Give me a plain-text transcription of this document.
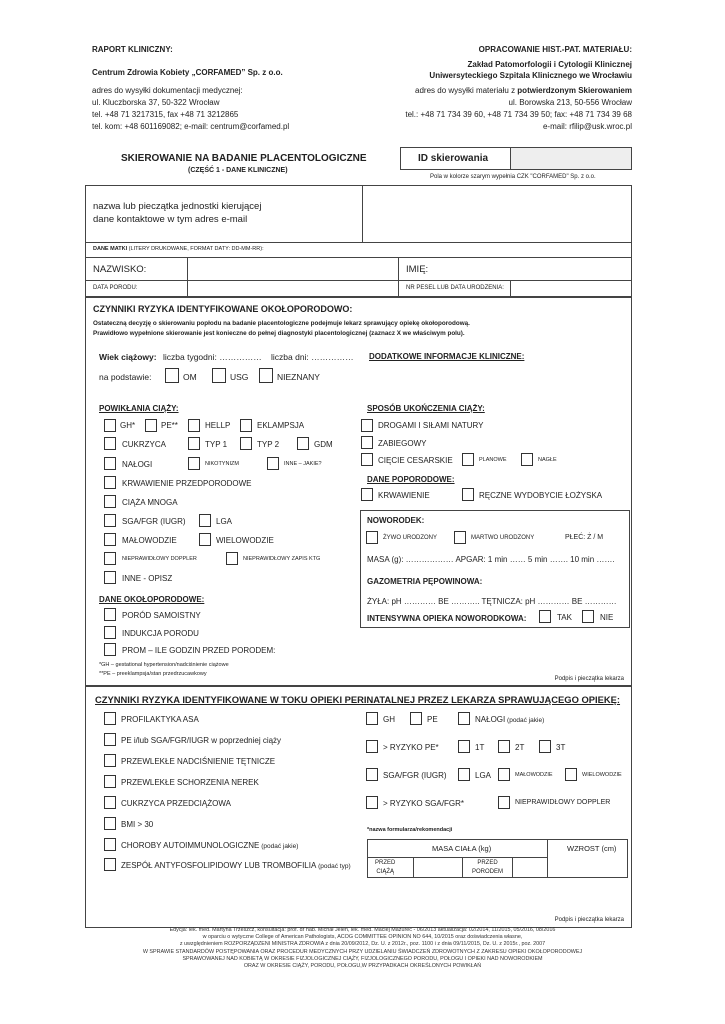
RAPORT KLINICZNY:
Centrum Zdrowia Kobiety „CORFAMED” Sp. z o.o.
adres do wysyłki dokumentacji medycznej:
ul. Kluczborska 37, 50-322 Wrocław
tel. +48 71 3217315, fax +48 71 3212865
tel. kom: +48 601169082; e-mail: centrum@corfamed.pl
OPRACOWANIE HIST.-PAT. MATERIAŁU:
Zakład Patomorfologii i Cytologii Klinicznej
Uniwersyteckiego Szpitala Klinicznego we Wrocławiu
adres do wysyłki materiału z potwierdzonym Skierowaniem
ul. Borowska 213, 50-556 Wrocław
tel.: +48 71 734 39 60, +48 71 734 39 50; fax: +48 71 734 39 68
e-mail: rfilip@usk.wroc.pl
SKIEROWANIE NA BADANIE PLACENTOLOGICZNE
(CZĘŚĆ 1 - DANE KLINICZNE)
ID skierowania
Pola w kolorze szarym wypełnia CZK "CORFAMED" Sp. z o.o.
nazwa lub pieczątka jednostki kierującej
dane kontaktowe w tym adres e-mail
DANE MATKI (LITERY DRUKOWANE, FORMAT DATY: DD-MM-RR):
NAZWISKO:	IMIĘ:
DATA PORODU:	NR PESEL LUB DATA URODZENIA:
CZYNNIKI RYZYKA IDENTYFIKOWANE OKOŁOPORODOWO:
Ostateczną decyzję o skierowaniu popłodu na badanie placentologiczne podejmuje lekarz sprawujący opiekę okołoporodową.
Prawidłowo wypełnione skierowanie jest konieczne do pełnej diagnostyki placentologicznej (zaznacz X we właściwym polu).
Wiek ciążowy: liczba tygodni: …………… liczba dni: …………… DODATKOWE INFORMACJE KLINICZNE:
na podstawie:	OM	USG	NIEZNANY
POWIKŁANIA CIĄŻY:
GH*	PE**	HELLP	EKLAMPSJA
CUKRZYCA	TYP 1	TYP 2	GDM
NAŁOGI	NIKOTYNIZM	INNE – JAKIE?
KRWAWIENIE PRZEDPORODOWE
CIĄŻA MNOGA
SGA/FGR (IUGR)	LGA
MAŁOWODZIE	WIELOWODZIE
NIEPRAWIDŁOWY DOPPLER	NIEPRAWIDŁOWY ZAPIS KTG
INNE - OPISZ
DANE OKOŁOPORODOWE:
PORÓD SAMOISTNY
INDUKCJA PORODU
PROM – ILE GODZIN PRZED PORODEM:
*GH – gestational hypertension/nadciśnienie ciążowe
**PE – preeklampsja/stan przedrzucawkowy
SPOSÓB UKOŃCZENIA CIĄŻY:
DROGAMI I SIŁAMI NATURY
ZABIEGOWY
CIĘCIE CESARSKIE	PLANOWE	NAGŁE
DANE POPORODOWE:
KRWAWIENIE	RĘCZNE WYDOBYCIE ŁOŻYSKA
NOWORODEK:
ŻYWO URODZONY	MARTWO URODZONY	PŁEĆ: Ż / M
MASA (g): ……………… APGAR: 1 min …… 5 min ……. 10 min …….
GAZOMETRIA PĘPOWINOWA:
ŻYŁA: pH ………… BE ……….. TĘTNICZA: pH ………… BE …………
INTENSYWNA OPIEKA NOWORODKOWA:	TAK	NIE
Podpis i pieczątka lekarza
CZYNNIKI RYZYKA IDENTYFIKOWANE W TOKU OPIEKI PERINATALNEJ PRZEZ LEKARZA SPRAWUJĄCEGO OPIEKĘ:
PROFILAKTYKA ASA
PE i/lub SGA/FGR/IUGR w poprzedniej ciąży
PRZEWLEKŁE NADCIŚNIENIE TĘTNICZE
PRZEWLEKŁE SCHORZENIA NEREK
CUKRZYCA PRZEDCIĄŻOWA
BMI > 30
CHOROBY AUTOIMMUNOLOGICZNE (podać jakie)
ZESPÓŁ ANTYFOSFOLIPIDOWY LUB TROMBOFILIA (podać typ)
GH	PE	NAŁOGI (podać jakie)
> RYZYKO PE*	1T	2T	3T
SGA/FGR (IUGR)	LGA	MAŁOWODZIE	WIELOWODZIE
> RYZYKO SGA/FGR*	NIEPRAWIDŁOWY DOPPLER
*nazwa formularza/rekomendacji
MASA CIAŁA (kg)	WZROST (cm)
PRZED
CIĄŻĄ
PRZED
PORODEM
Podpis i pieczątka lekarza
Edycja: lek. med. Martyna Trzeszcz, konsultacja: prof. dr hab. Michał Jeleń, lek. med. Maciej Mazurec - 06/2013 aktualizacja: 02/2014, 11/2015, 05/2016, 08/2016
w oparciu o wytyczne College of American Pathologists, ACOG COMMITTEE OPINION NO 644, 10/2015 oraz doświadczenia własne,
z uwzględnieniem ROZPORZĄDZENI MINISTRA ZDROWIA z dnia 20/09/2012, Dz. U. z 2012r., poz. 1100 i z dnia 09/11/2015, Dz. U. z 2015r., poz. 2007
W SPRAWIE STANDARDÓW POSTĘPOWANIA ORAZ PROCEDUR MEDYCZNYCH PRZY UDZIELANIU ŚWIADCZEŃ ZDROWOTNYCH Z ZAKRESU OPIEKI OKOŁOPORODOWEJ
SPRAWOWANEJ NAD KOBIETĄ W OKRESIE FIZJOLOGICZNEJ CIĄŻY, FIZJOLOGICZNEGO PORODU, POŁOGU I OPIEKI NAD NOWORODKIEM
ORAZ W OKRESIE CIĄŻY, PORODU, POŁOGU,W PRZYPADKACH OKREŚLONYCH POWIKŁAŃ
